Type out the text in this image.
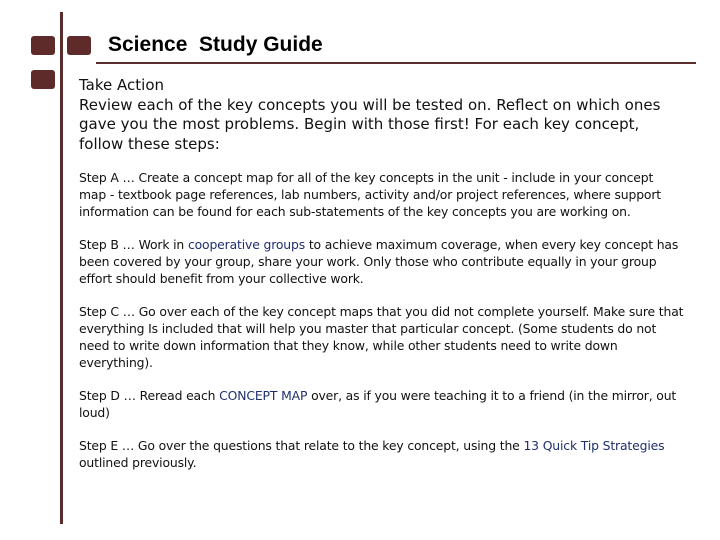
Science  Study Guide

Take Action
Review each of the key concepts you will be tested on. Reflect on which ones gave you the most problems. Begin with those first! For each key concept, follow these steps:

Step A … Create a concept map for all of the key concepts in the unit - include in your concept map - textbook page references, lab numbers, activity and/or project references, where support information can be found for each sub-statements of the key concepts you are working on.

Step B … Work in cooperative groups to achieve maximum coverage, when every key concept has been covered by your group, share your work. Only those who contribute equally in your group effort should benefit from your collective work.

Step C … Go over each of the key concept maps that you did not complete yourself. Make sure that everything Is included that will help you master that particular concept. (Some students do not need to write down information that they know, while other students need to write down everything).

Step D … Reread each CONCEPT MAP over, as if you were teaching it to a friend (in the mirror, out loud)

Step E … Go over the questions that relate to the key concept, using the 13 Quick Tip Strategies outlined previously.
